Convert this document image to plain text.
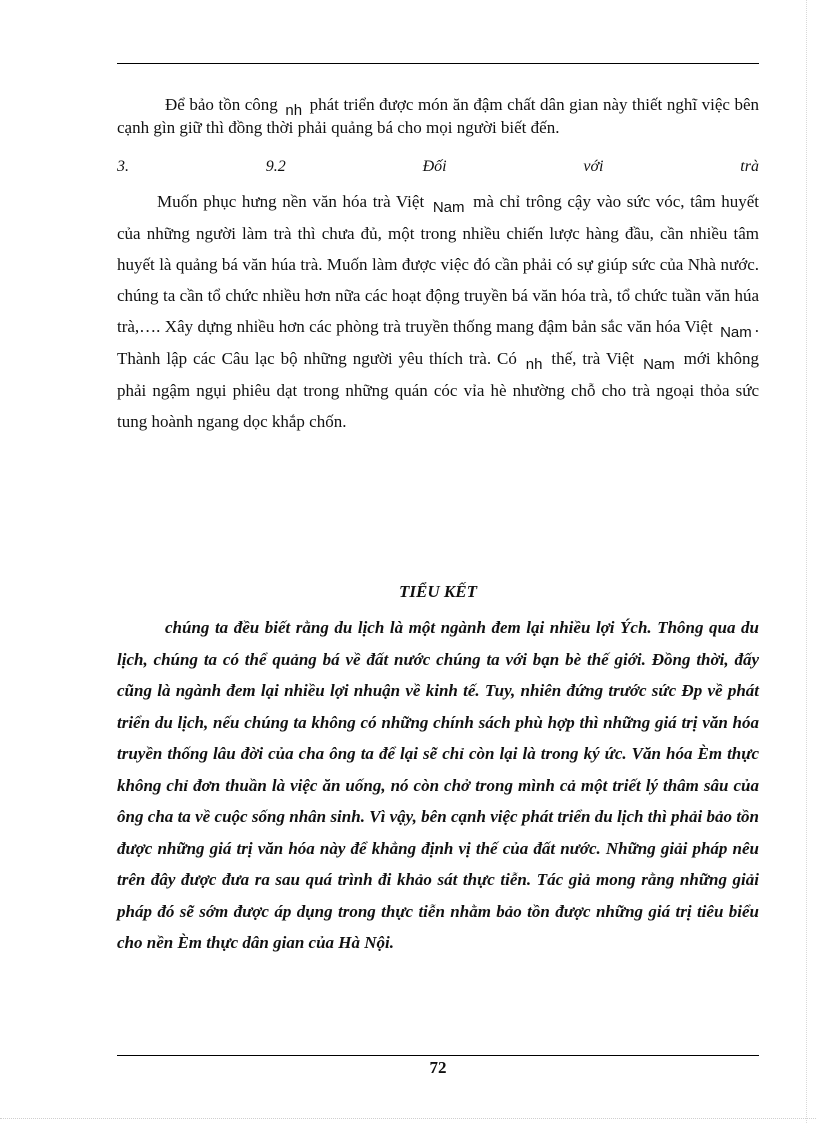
Để bảo tồn công nh phát triển được món ăn đậm chất dân gian này thiết nghĩ việc bên cạnh gìn giữ thì đồng thời phải quảng bá cho mọi người biết đến.

3.	9.2	Đối	với	trà

Muốn phục hưng nền văn hóa trà Việt Nam mà chỉ trông cậy vào sức vóc, tâm huyết của những người làm trà thì chưa đủ, một trong nhiều chiến lược hàng đầu, cần nhiều tâm huyết là quảng bá văn húa trà. Muốn làm được việc đó cần phải có sự giúp sức của Nhà nước. chúng ta cần tổ chức nhiều hơn nữa các hoạt động truyền bá văn hóa trà, tổ chức tuần văn húa trà,…. Xây dựng nhiều hơn các phòng trà truyền thống mang đậm bản sắc văn hóa Việt Nam . Thành lập các Câu lạc bộ những người yêu thích trà. Có nh thế, trà Việt Nam mới không phải ngậm ngụi phiêu dạt trong những quán cóc vỉa hè nhường chỗ cho trà ngoại thỏa sức tung hoành ngang dọc khắp chốn.

TIỂU KẾT

chúng ta đều biết rằng du lịch là một ngành đem lại nhiều lợi Ých. Thông qua du lịch, chúng ta có thể quảng bá về đất nước chúng ta với bạn bè thế giới. Đồng thời, đấy cũng là ngành đem lại nhiều lợi nhuận về kinh tế. Tuy, nhiên đứng trước sức Ðp về phát triển du lịch, nếu chúng ta không có những chính sách phù hợp thì những giá trị văn hóa truyền thống lâu đời của cha ông ta để lại sẽ chỉ còn lại là trong ký ức. Văn hóa Èm thực không chỉ đơn thuần là việc ăn uống, nó còn chở trong mình cả một triết lý thâm sâu của ông cha ta về cuộc sống nhân sinh. Vì vậy, bên cạnh việc phát triển du lịch thì phải bảo tồn được những giá trị văn hóa này để khẳng định vị thế của đất nước. Những giải pháp nêu trên đây được đưa ra sau quá trình đi khảo sát thực tiễn. Tác giả mong rằng những giải pháp đó sẽ sớm được áp dụng trong thực tiễn nhằm bảo tồn được những giá trị tiêu biểu cho nền Èm thực dân gian của Hà Nội.

72
